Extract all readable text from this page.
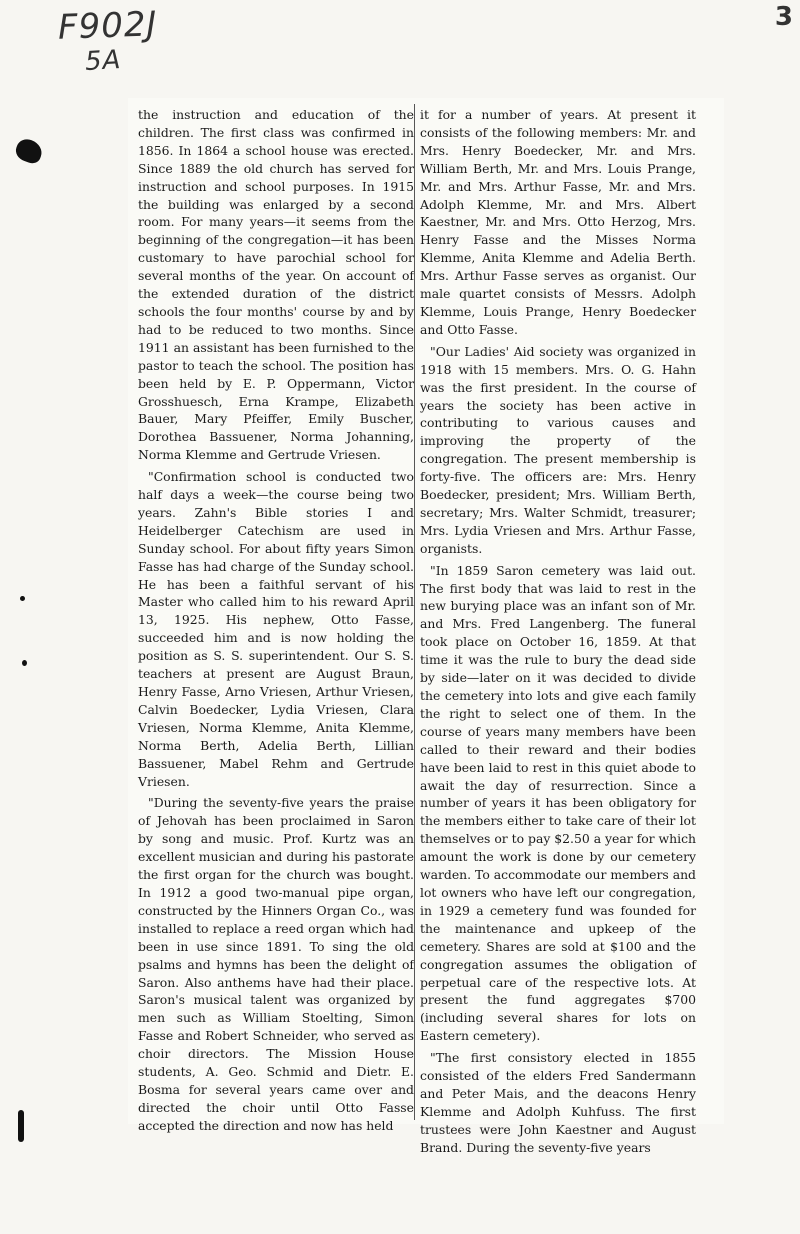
F902J
5A
3

the instruction and education of the children. The first class was confirmed in 1856. In 1864 a school house was erected. Since 1889 the old church has served for instruction and school purposes. In 1915 the building was enlarged by a second room. For many years—it seems from the beginning of the congregation—it has been customary to have parochial school for several months of the year. On account of the extended duration of the district schools the four months' course by and by had to be reduced to two months. Since 1911 an assistant has been furnished to the pastor to teach the school. The position has been held by E. P. Oppermann, Victor Grosshuesch, Erna Krampe, Elizabeth Bauer, Mary Pfeiffer, Emily Buscher, Dorothea Bassuener, Norma Johanning, Norma Klemme and Gertrude Vriesen.

"Confirmation school is conducted two half days a week—the course being two years. Zahn's Bible stories I and Heidelberger Catechism are used in Sunday school. For about fifty years Simon Fasse has had charge of the Sunday school. He has been a faithful servant of his Master who called him to his reward April 13, 1925. His nephew, Otto Fasse, succeeded him and is now holding the position as S. S. superintendent. Our S. S. teachers at present are August Braun, Henry Fasse, Arno Vriesen, Arthur Vriesen, Calvin Boedecker, Lydia Vriesen, Clara Vriesen, Norma Klemme, Anita Klemme, Norma Berth, Adelia Berth, Lillian Bassuener, Mabel Rehm and Gertrude Vriesen.

"During the seventy-five years the praise of Jehovah has been proclaimed in Saron by song and music. Prof. Kurtz was an excellent musician and during his pastorate the first organ for the church was bought. In 1912 a good two-manual pipe organ, constructed by the Hinners Organ Co., was installed to replace a reed organ which had been in use since 1891. To sing the old psalms and hymns has been the delight of Saron. Also anthems have had their place. Saron's musical talent was organized by men such as William Stoelting, Simon Fasse and Robert Schneider, who served as choir directors. The Mission House students, A. Geo. Schmid and Dietr. E. Bosma for several years came over and directed the choir until Otto Fasse accepted the direction and now has held

it for a number of years. At present it consists of the following members: Mr. and Mrs. Henry Boedecker, Mr. and Mrs. William Berth, Mr. and Mrs. Louis Prange, Mr. and Mrs. Arthur Fasse, Mr. and Mrs. Adolph Klemme, Mr. and Mrs. Albert Kaestner, Mr. and Mrs. Otto Herzog, Mrs. Henry Fasse and the Misses Norma Klemme, Anita Klemme and Adelia Berth. Mrs. Arthur Fasse serves as organist. Our male quartet consists of Messrs. Adolph Klemme, Louis Prange, Henry Boedecker and Otto Fasse.

"Our Ladies' Aid society was organized in 1918 with 15 members. Mrs. O. G. Hahn was the first president. In the course of years the society has been active in contributing to various causes and improving the property of the congregation. The present membership is forty-five. The officers are: Mrs. Henry Boedecker, president; Mrs. William Berth, secretary; Mrs. Walter Schmidt, treasurer; Mrs. Lydia Vriesen and Mrs. Arthur Fasse, organists.

"In 1859 Saron cemetery was laid out. The first body that was laid to rest in the new burying place was an infant son of Mr. and Mrs. Fred Langenberg. The funeral took place on October 16, 1859. At that time it was the rule to bury the dead side by side—later on it was decided to divide the cemetery into lots and give each family the right to select one of them. In the course of years many members have been called to their reward and their bodies have been laid to rest in this quiet abode to await the day of resurrection. Since a number of years it has been obligatory for the members either to take care of their lot themselves or to pay $2.50 a year for which amount the work is done by our cemetery warden. To accommodate our members and lot owners who have left our congregation, in 1929 a cemetery fund was founded for the maintenance and upkeep of the cemetery. Shares are sold at $100 and the congregation assumes the obligation of perpetual care of the respective lots. At present the fund aggregates $700 (including several shares for lots on Eastern cemetery).

"The first consistory elected in 1855 consisted of the elders Fred Sandermann and Peter Mais, and the deacons Henry Klemme and Adolph Kuhfuss. The first trustees were John Kaestner and August Brand. During the seventy-five years
